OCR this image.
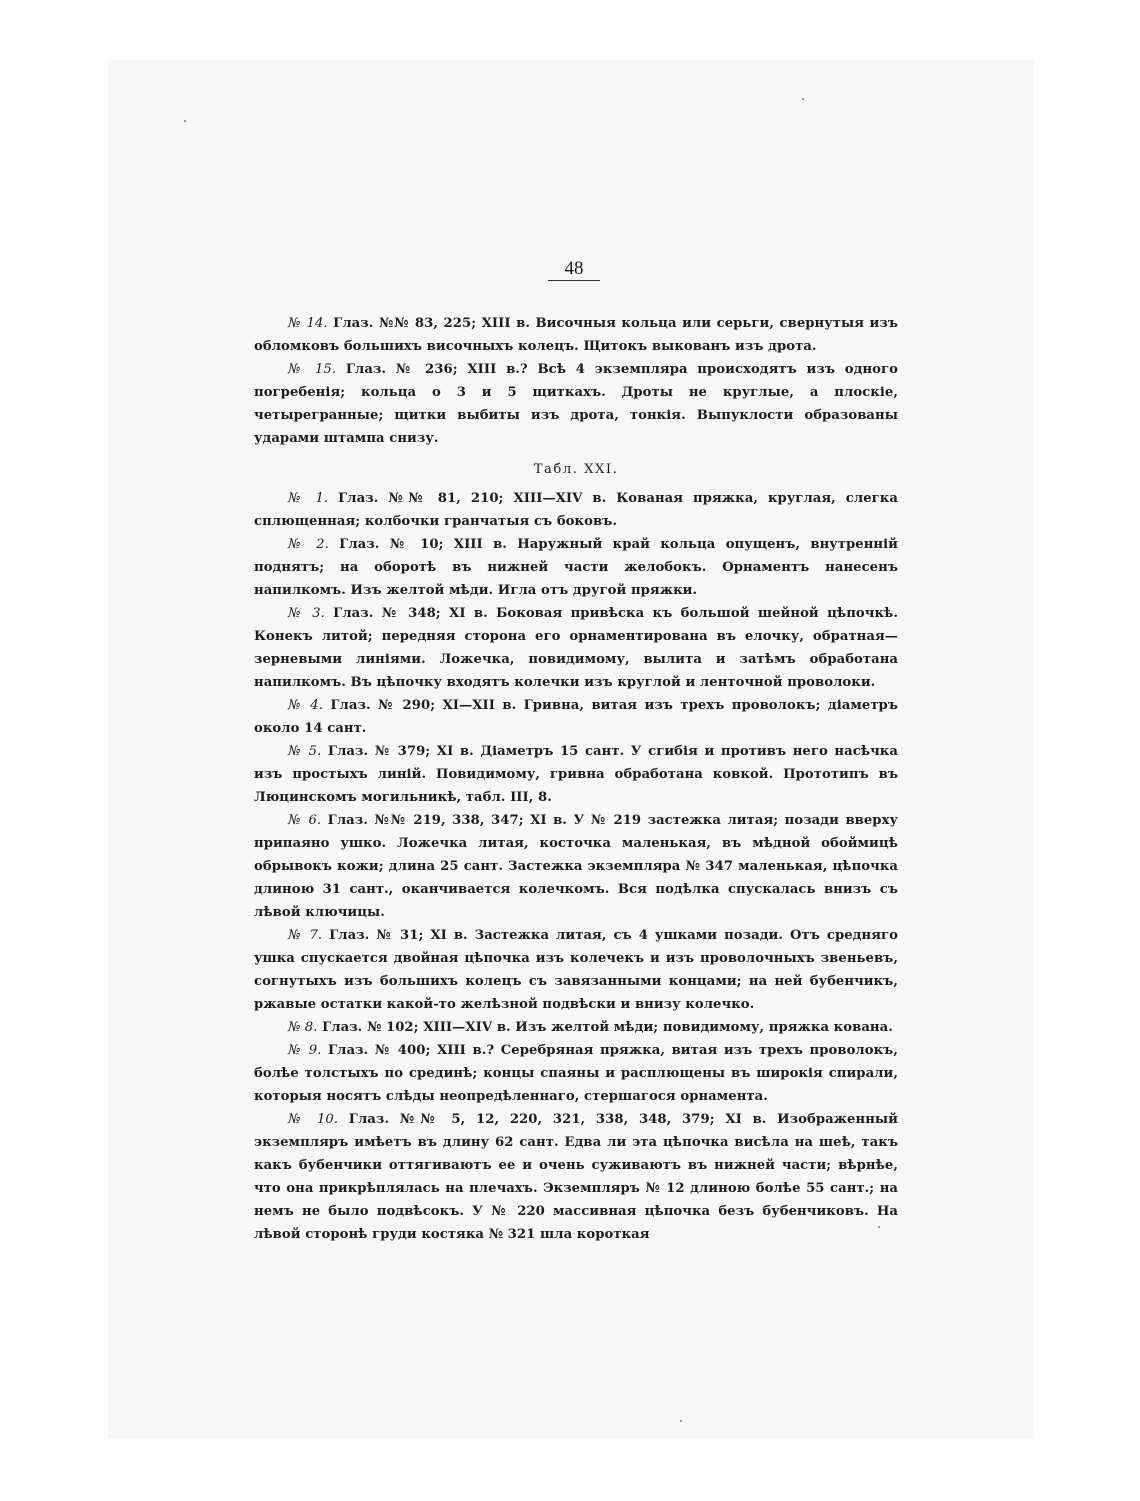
48

№ 14. Глаз. №№ 83, 225; XIII в. Височныя кольца или серьги, свернутыя изъ обломковъ большихъ височныхъ колецъ. Щитокъ выкованъ изъ дрота.

№ 15. Глаз. № 236; XIII в.? Всѣ 4 экземпляра происходятъ изъ одного погребенія; кольца о 3 и 5 щиткахъ. Дроты не круглые, а плоскіе, четырегранные; щитки выбиты изъ дрота, тонкія. Выпуклости образованы ударами штампа снизу.

Табл. XXI.

№ 1. Глаз. №№ 81, 210; XIII—XIV в. Кованая пряжка, круглая, слегка сплющенная; колбочки гранчатыя съ боковъ.

№ 2. Глаз. № 10; XIII в. Наружный край кольца опущенъ, внутренній поднятъ; на оборотѣ въ нижней части желобокъ. Орнаментъ нанесенъ напилкомъ. Изъ желтой мѣди. Игла отъ другой пряжки.

№ 3. Глаз. № 348; XI в. Боковая привѣска къ большой шейной цѣпочкѣ. Конекъ литой; передняя сторона его орнаментирована въ елочку, обратная—зерневыми линіями. Ложечка, повидимому, вылита и затѣмъ обработана напилкомъ. Въ цѣпочку входятъ колечки изъ круглой и ленточной проволоки.

№ 4. Глаз. № 290; XI—XII в. Гривна, витая изъ трехъ проволокъ; діаметръ около 14 сант.

№ 5. Глаз. № 379; XI в. Діаметръ 15 сант. У сгибія и противъ него насѣчка изъ простыхъ линій. Повидимому, гривна обработана ковкой. Прототипъ въ Люцинскомъ могильникѣ, табл. III, 8.

№ 6. Глаз. №№ 219, 338, 347; XI в. У № 219 застежка литая; позади вверху припаяно ушко. Ложечка литая, косточка маленькая, въ мѣдной обоймицѣ обрывокъ кожи; длина 25 сант. Застежка экземпляра № 347 маленькая, цѣпочка длиною 31 сант., оканчивается колечкомъ. Вся подѣлка спускалась внизъ съ лѣвой ключицы.

№ 7. Глаз. № 31; XI в. Застежка литая, съ 4 ушками позади. Отъ средняго ушка спускается двойная цѣпочка изъ колечекъ и изъ проволочныхъ звеньевъ, согнутыхъ изъ большихъ колецъ съ завязанными концами; на ней бубенчикъ, ржавые остатки какой-то желѣзной подвѣски и внизу колечко.

№ 8. Глаз. № 102; XIII—XIV в. Изъ желтой мѣди; повидимому, пряжка кована.

№ 9. Глаз. № 400; XIII в.? Серебряная пряжка, витая изъ трехъ проволокъ, болѣе толстыхъ по срединѣ; концы спаяны и расплющены въ широкія спирали, которыя носятъ слѣды неопредѣленнаго, стершагося орнамента.

№ 10. Глаз. №№ 5, 12, 220, 321, 338, 348, 379; XI в. Изображенный экземпляръ имѣетъ въ длину 62 сант. Едва ли эта цѣпочка висѣла на шеѣ, такъ какъ бубенчики оттягиваютъ ее и очень суживаютъ въ нижней части; вѣрнѣе, что она прикрѣплялась на плечахъ. Экземпляръ № 12 длиною болѣе 55 сант.; на немъ не было подвѣсокъ. У № 220 массивная цѣпочка безъ бубенчиковъ. На лѣвой сторонѣ груди костяка № 321 шла короткая
